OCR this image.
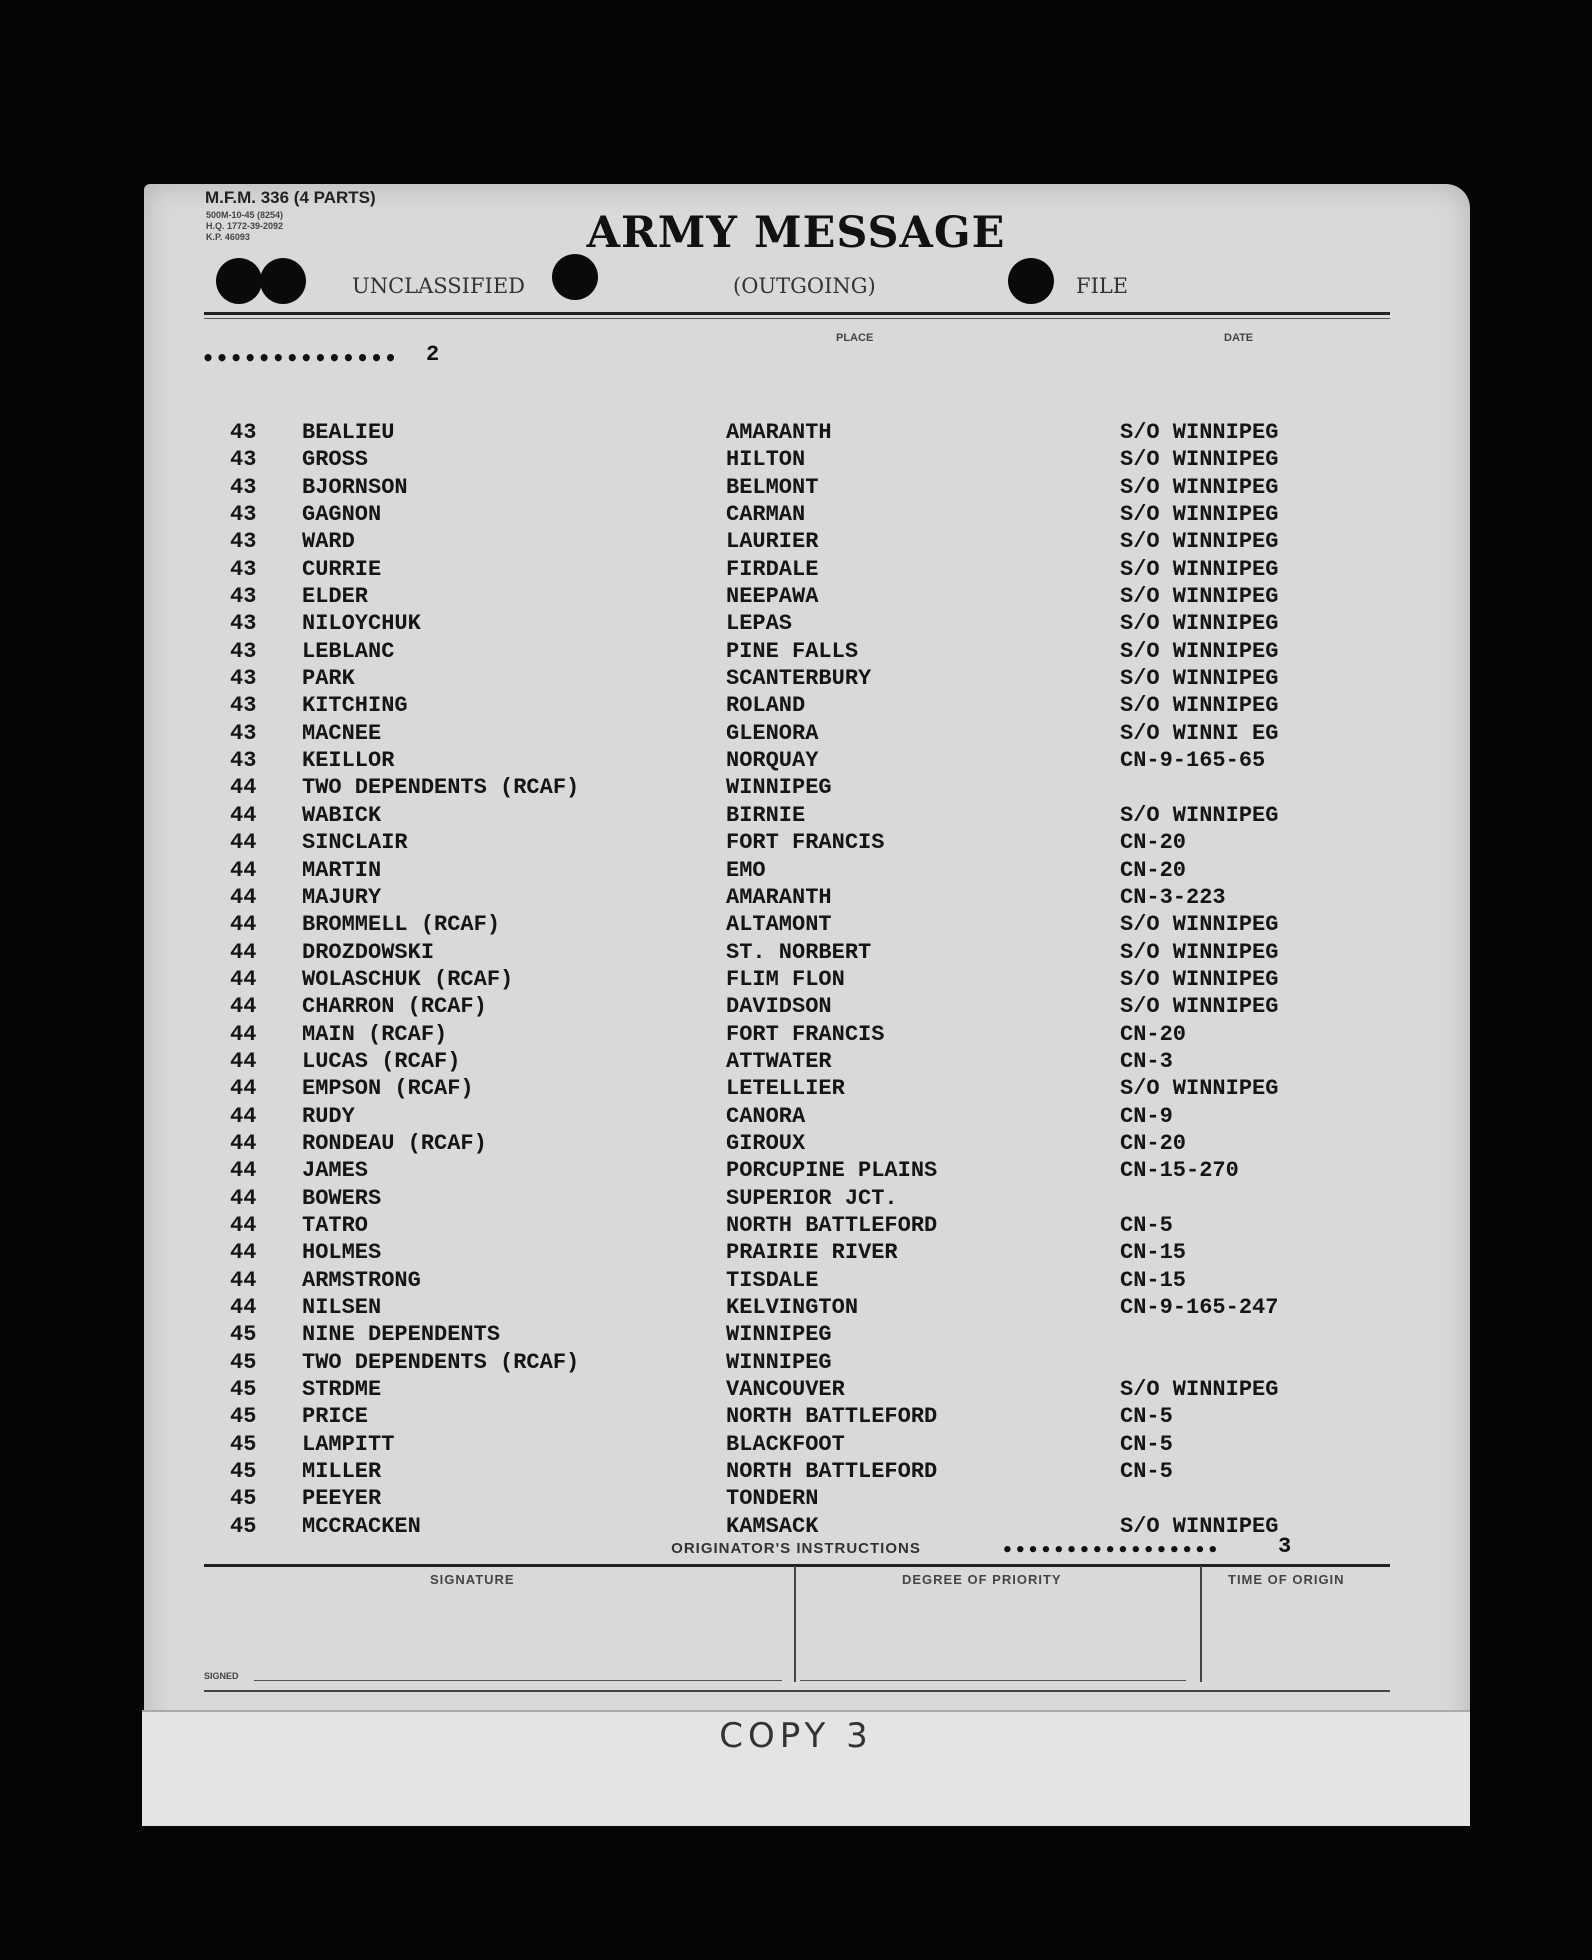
COPY 3
M.F.M. 336 (4 PARTS)
500M-10-45 (8254)
H.Q. 1772-39-2092
K.P. 46093	ARMY MESSAGE
UNCLASSIFIED	(OUTGOING)	FILE
PLACE	DATE
•••••••••••••• 2
43 BEALIEU	AMARANTH	S/O WINNIPEG
43 GROSS	HILTON	S/O WINNIPEG
43 BJORNSON	BELMONT	S/O WINNIPEG
43 GAGNON	CARMAN	S/O WINNIPEG
43 WARD	LAURIER	S/O WINNIPEG
43 CURRIE	FIRDALE	S/O WINNIPEG
43 ELDER	NEEPAWA	S/O WINNIPEG
43 NILOYCHUK	LEPAS	S/O WINNIPEG
43 LEBLANC	PINE FALLS	S/O WINNIPEG
43 PARK	SCANTERBURY	S/O WINNIPEG
43 KITCHING	ROLAND	S/O WINNIPEG
43 MACNEE	GLENORA	S/O WINNI EG
43 KEILLOR	NORQUAY	CN-9-165-65
44 TWO DEPENDENTS (RCAF)	WINNIPEG
44 WABICK	BIRNIE	S/O WINNIPEG
44 SINCLAIR	FORT FRANCIS	CN-20
44 MARTIN	EMO	CN-20
44 MAJURY	AMARANTH	CN-3-223
44 BROMMELL (RCAF)	ALTAMONT	S/O WINNIPEG
44 DROZDOWSKI	ST. NORBERT	S/O WINNIPEG
44 WOLASCHUK (RCAF)	FLIM FLON	S/O WINNIPEG
44 CHARRON (RCAF)	DAVIDSON	S/O WINNIPEG
44 MAIN (RCAF)	FORT FRANCIS	CN-20
44 LUCAS (RCAF)	ATTWATER	CN-3
44 EMPSON (RCAF)	LETELLIER	S/O WINNIPEG
44 RUDY	CANORA	CN-9
44 RONDEAU (RCAF)	GIROUX	CN-20
44 JAMES	PORCUPINE PLAINS	CN-15-270
44 BOWERS	SUPERIOR JCT.
44 TATRO	NORTH BATTLEFORD	CN-5
44 HOLMES	PRAIRIE RIVER	CN-15
44 ARMSTRONG	TISDALE	CN-15
44 NILSEN	KELVINGTON	CN-9-165-247
45 NINE DEPENDENTS	WINNIPEG
45 TWO DEPENDENTS (RCAF)	WINNIPEG
45 STRDME	VANCOUVER	S/O WINNIPEG
45 PRICE	NORTH BATTLEFORD	CN-5
45 LAMPITT	BLACKFOOT	CN-5
45 MILLER	NORTH BATTLEFORD	CN-5
45 PEEYER	TONDERN
45 MCCRACKEN	KAMSACK	S/O WINNIPEG
ORIGINATOR'S INSTRUCTIONS	•••••••••••••••••	3
SIGNATURE	DEGREE OF PRIORITY	TIME OF ORIGIN
SIGNED
